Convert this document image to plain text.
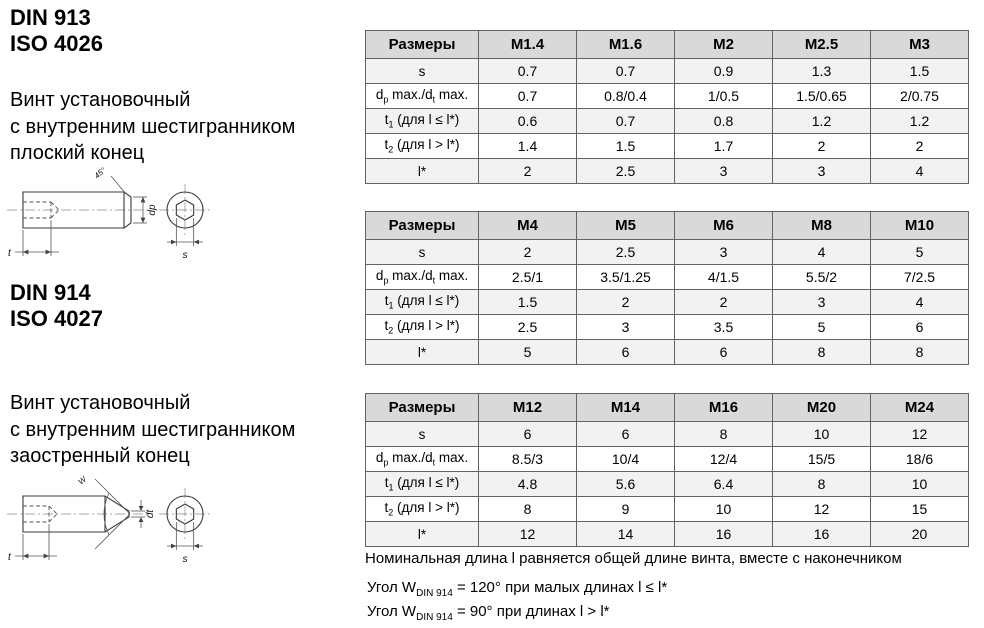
DIN 913
ISO 4026
Винт установочный
с внутренним шестигранником
плоский конец
45°
t
dp
s
DIN 914
ISO 4027
Винт установочный
с внутренним шестигранником
заостренный конец
W
t
dt
s
Размеры	M1.4	M1.6	M2	M2.5	M3
s	0.7	0.7	0.9	1.3	1.5
$d_p$ $\max./d_t$ max.	0.7	0.8/0.4	1/0.5	1.5/0.65	2/0.75
$t_1$ (для l ≤ l*)	0.6	0.7	0.8	1.2	1.2
$t_2$ (для l > l*)	1.4	1.5	1.7	2	2
l*	2	2.5	3	3	4
Размеры	M4	M5	M6	M8	M10
s	2	2.5	3	4	5
$d_p$ $\max./d_t$ max.	2.5/1	3.5/1.25	4/1.5	5.5/2	7/2.5
$t_1$ (для l ≤ l*)	1.5	2	2	3	4
$t_2$ (для l > l*)	2.5	3	3.5	5	6
l*	5	6	6	8	8
Размеры	M12	M14	M16	M20	M24
s	6	6	8	10	12
$d_p$ $\max./d_t$ max.	8.5/3	10/4	12/4	15/5	18/6
$t_1$ (для l ≤ l*)	4.8	5.6	6.4	8	10
$t_2$ (для l > l*)	8	9	10	12	15
l*	12	14	16	16	20
Номинальная длина l равняется общей длине винта, вместе с наконечником
Угол $W_{DIN 914} = 120^\circ$ при малых длинах l ≤ l*
Угол $W_{DIN 914} = 90^\circ$ при длинах l > l*
